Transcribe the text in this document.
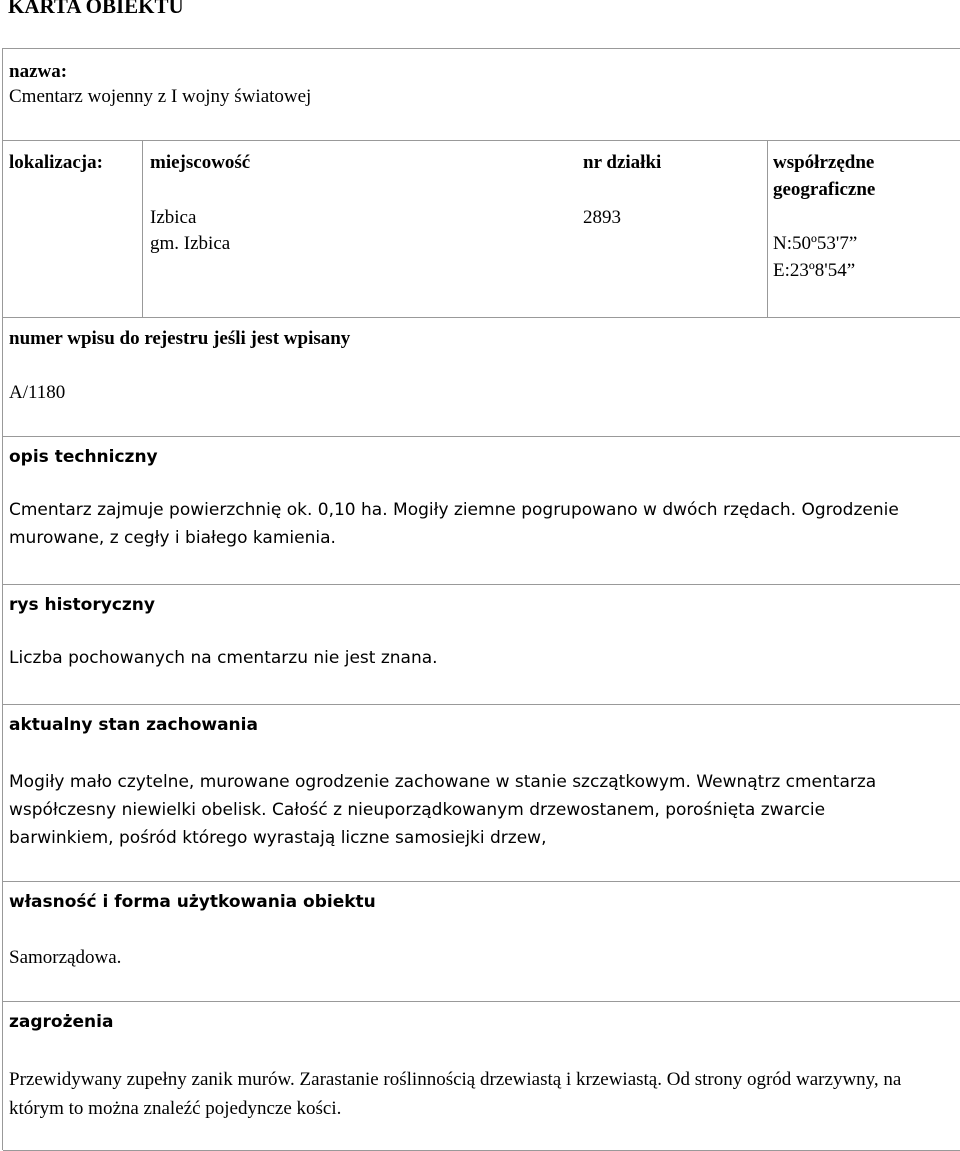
KARTA OBIEKTU
nazwa:
Cmentarz wojenny z I wojny światowej
lokalizacja: miejscowość
Izbica
gm. Izbica
nr działki
2893
współrzędne
geograficzne
N:50º53'7”
E:23º8'54”
numer wpisu do rejestru jeśli jest wpisany
A/1180
opis techniczny
Cmentarz zajmuje powierzchnię ok. 0,10 ha. Mogiły ziemne pogrupowano w dwóch rzędach. Ogrodzenie murowane, z cegły i białego kamienia.
rys historyczny
Liczba pochowanych na cmentarzu nie jest znana.
aktualny stan zachowania
Mogiły mało czytelne, murowane ogrodzenie zachowane w stanie szczątkowym. Wewnątrz cmentarza współczesny niewielki obelisk. Całość z nieuporządkowanym drzewostanem, porośnięta zwarcie barwinkiem, pośród którego wyrastają liczne samosiejki drzew,
własność i forma użytkowania obiektu
Samorządowa.
zagrożenia
Przewidywany zupełny zanik murów. Zarastanie roślinnością drzewiastą i krzewiastą. Od strony ogród warzywny, na którym to można znaleźć pojedyncze kości.
